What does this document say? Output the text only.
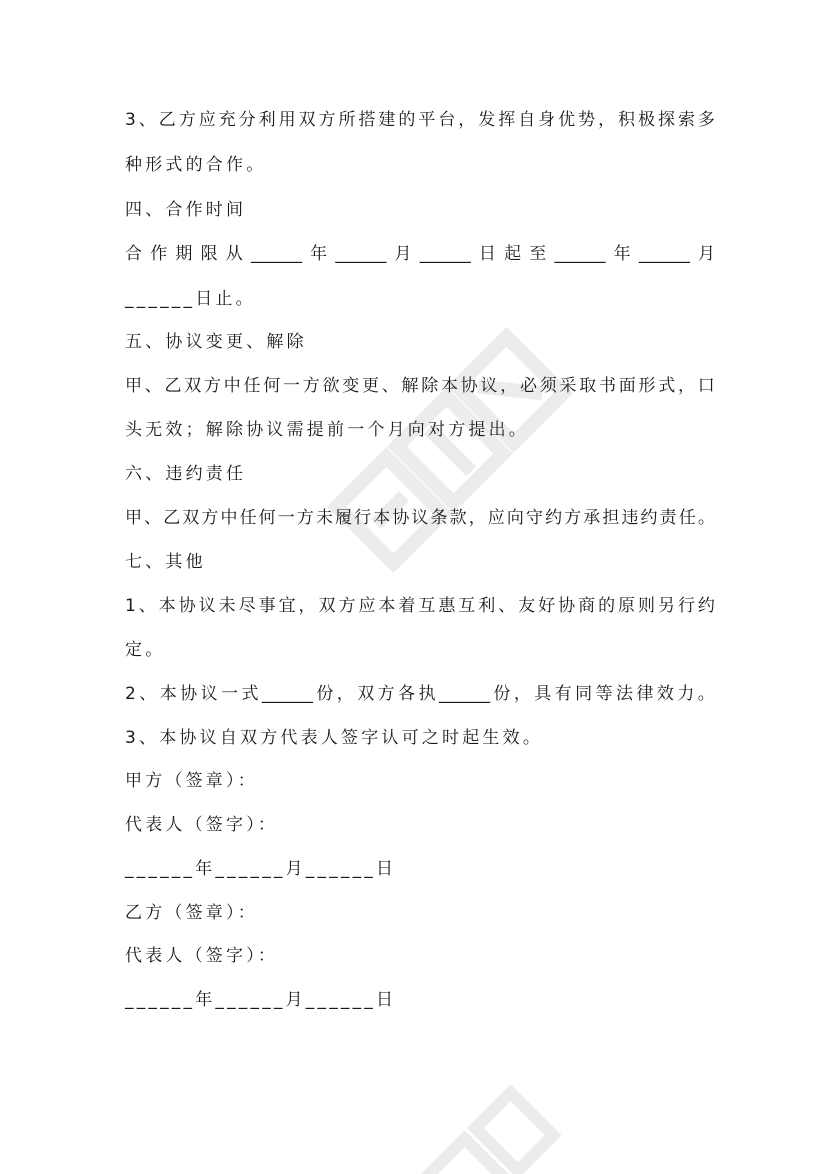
3 、 乙 方 应 充 分 利 用 双 方 所 搭 建 的 平 台 ， 发 挥 自 身 优 势 ， 积 极 探 索 多
种形式的合作。
四、合作时间
合 作 期 限 从 ______ 年 ______ 月 ______ 日 起 至 ______ 年 ______ 月
______日止。
五、协议变更、解除
甲 、 乙 双 方 中 任 何 一 方 欲 变 更 、 解 除 本 协 议 ， 必 须 采 取 书 面 形 式 ， 口
头无效；解除协议需提前一个月向对方提出。
六、违约责任
甲 、 乙 双 方 中 任 何 一 方 未 履 行 本 协 议 条 款 ， 应 向 守 约 方 承 担 违 约 责 任 。
七、其他
1 、 本 协 议 未 尽 事 宜 ， 双 方 应 本 着 互 惠 互 利 、 友 好 协 商 的 原 则 另 行 约
定。
2 、 本 协 议 一 式 ______ 份 ， 双 方 各 执 ______ 份 ， 具 有 同 等 法 律 效 力 。
3、本协议自双方代表人签字认可之时起生效。
甲方（签章）：
代表人（签字）：
______年______月______日
乙方（签章）：
代表人（签字）：
______年______月______日
